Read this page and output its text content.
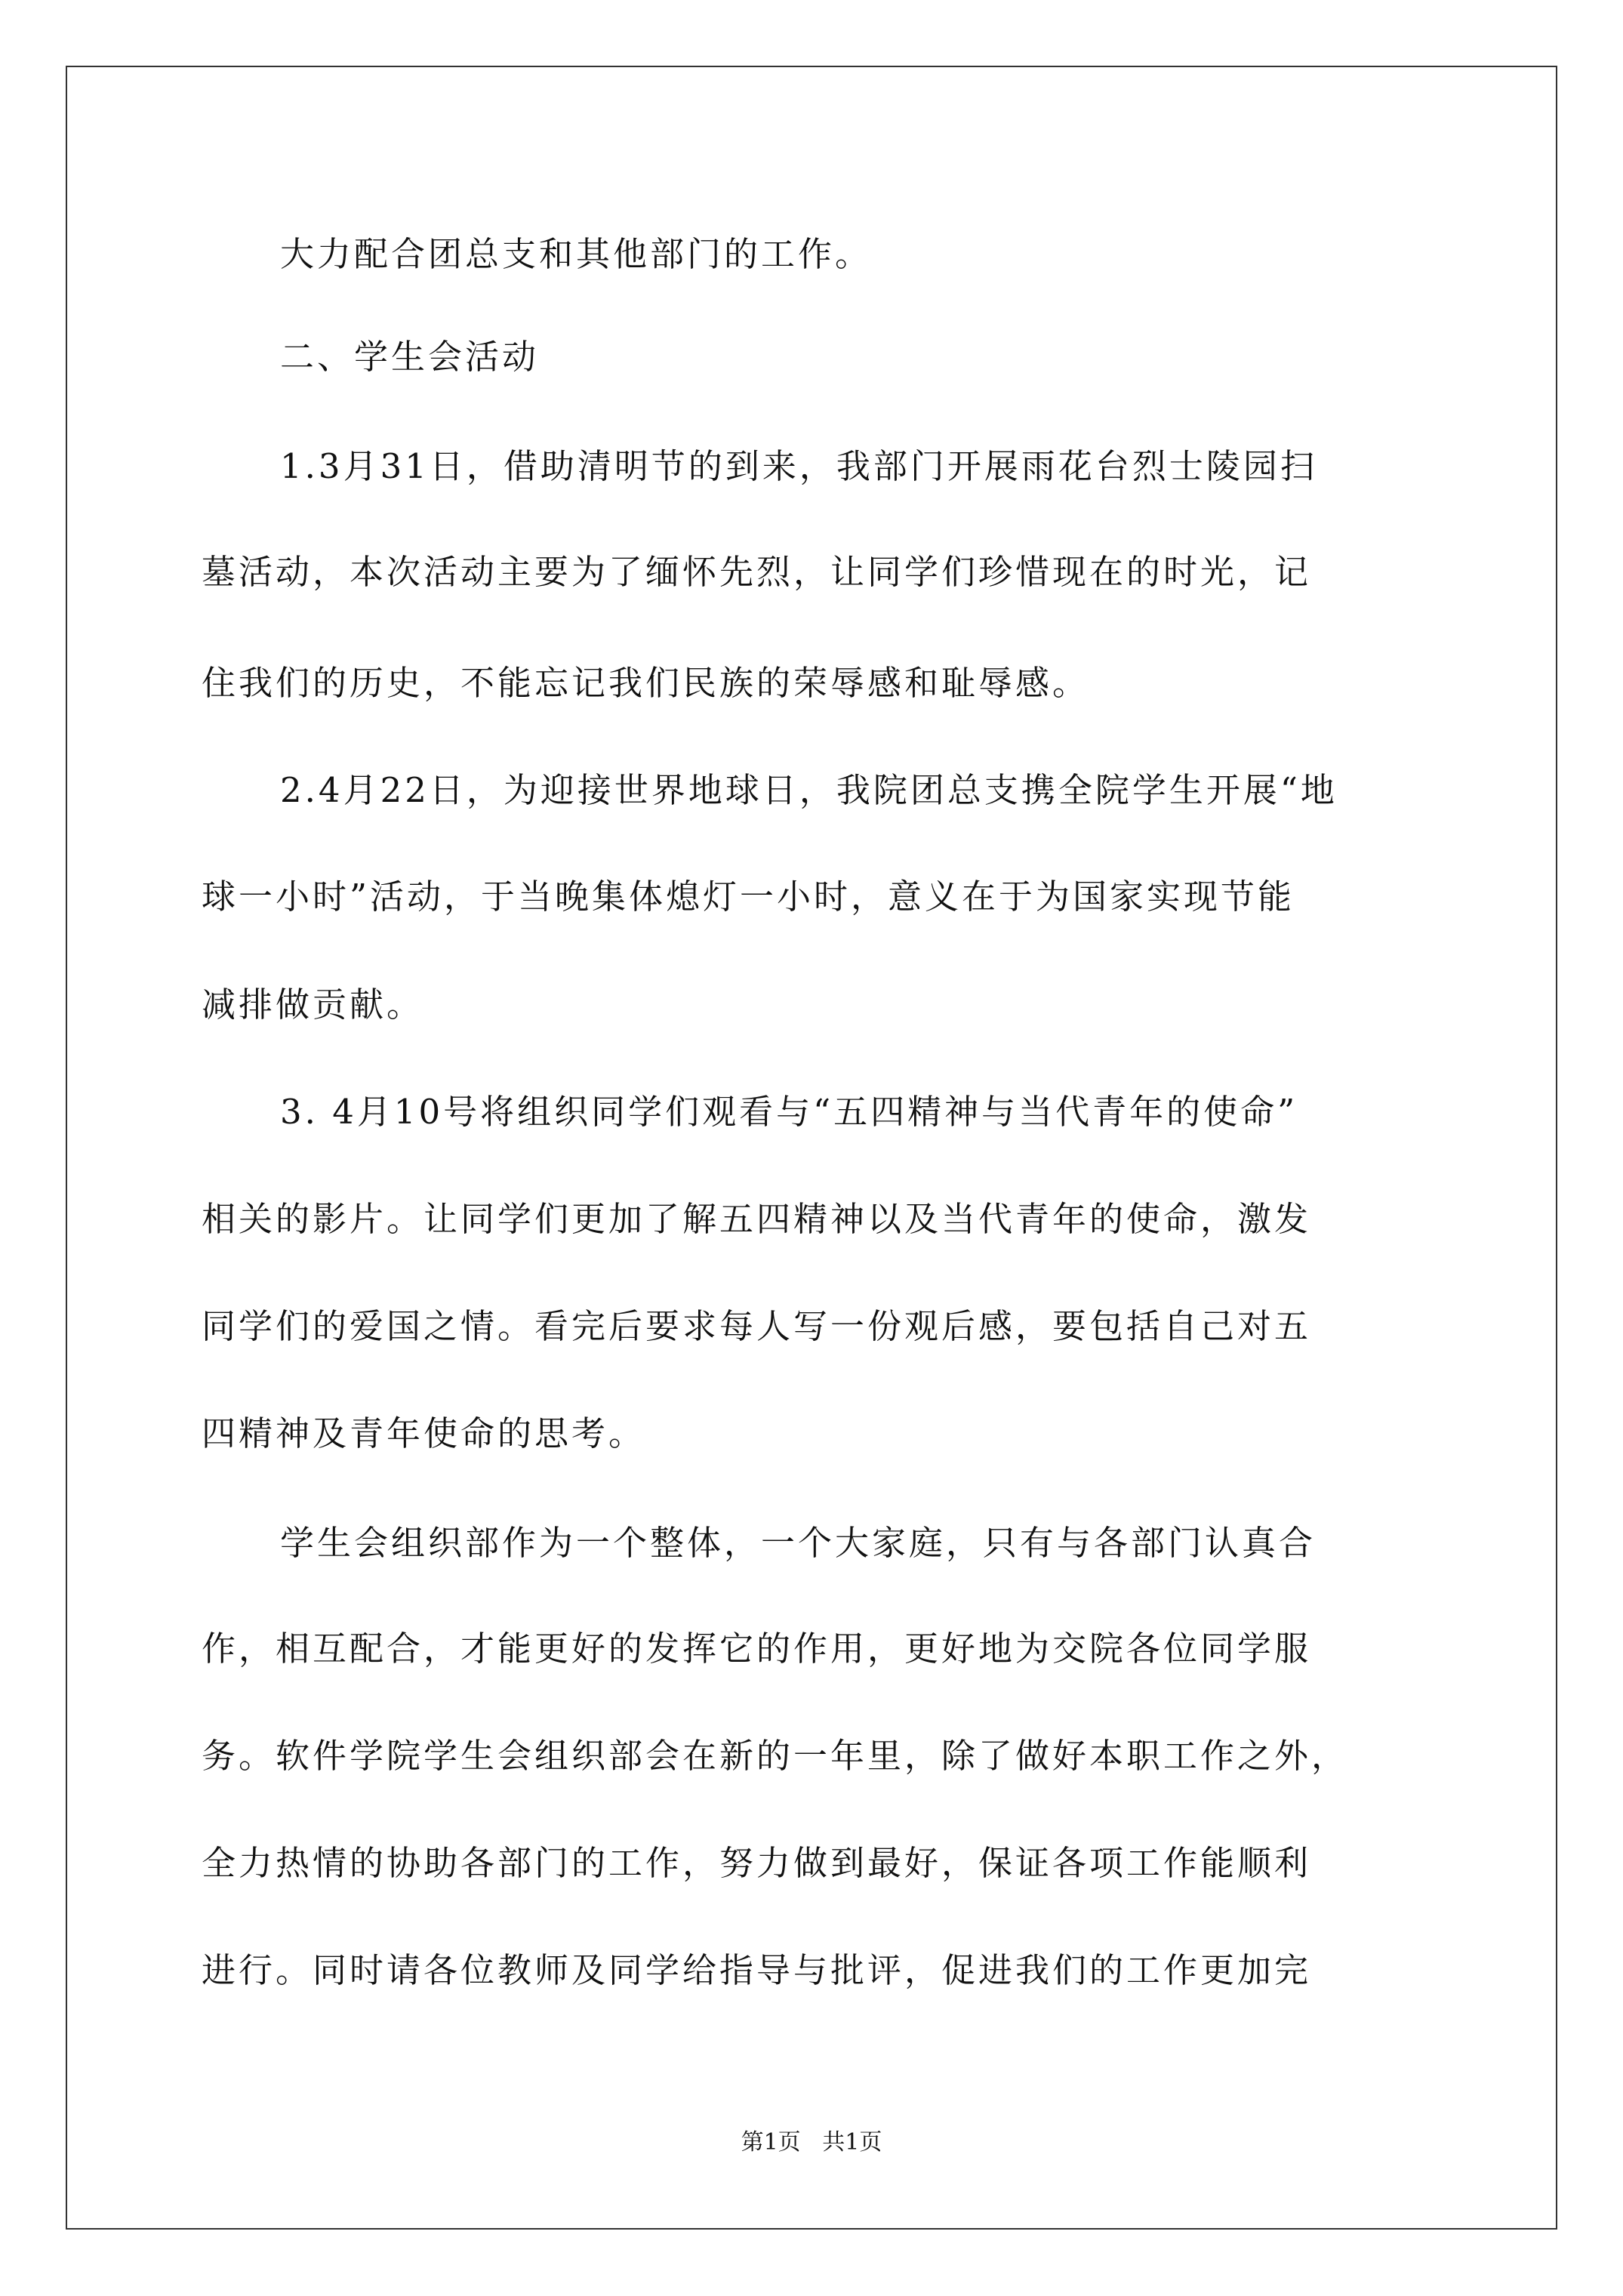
大力配合团总支和其他部门的工作。
二、学生会活动
1.3月31日，借助清明节的到来，我部门开展雨花台烈士陵园扫
墓活动，本次活动主要为了缅怀先烈，让同学们珍惜现在的时光，记
住我们的历史，不能忘记我们民族的荣辱感和耻辱感。
2.4月22日，为迎接世界地球日，我院团总支携全院学生开展“地
球一小时”活动，于当晚集体熄灯一小时，意义在于为国家实现节能
减排做贡献。
3. 4月10号将组织同学们观看与“五四精神与当代青年的使命”
相关的影片。让同学们更加了解五四精神以及当代青年的使命，激发
同学们的爱国之情。看完后要求每人写一份观后感，要包括自己对五
四精神及青年使命的思考。
学生会组织部作为一个整体，一个大家庭，只有与各部门认真合
作，相互配合，才能更好的发挥它的作用，更好地为交院各位同学服
务。软件学院学生会组织部会在新的一年里，除了做好本职工作之外，
全力热情的协助各部门的工作，努力做到最好，保证各项工作能顺利
进行。同时请各位教师及同学给指导与批评，促进我们的工作更加完
第1页   共1页
